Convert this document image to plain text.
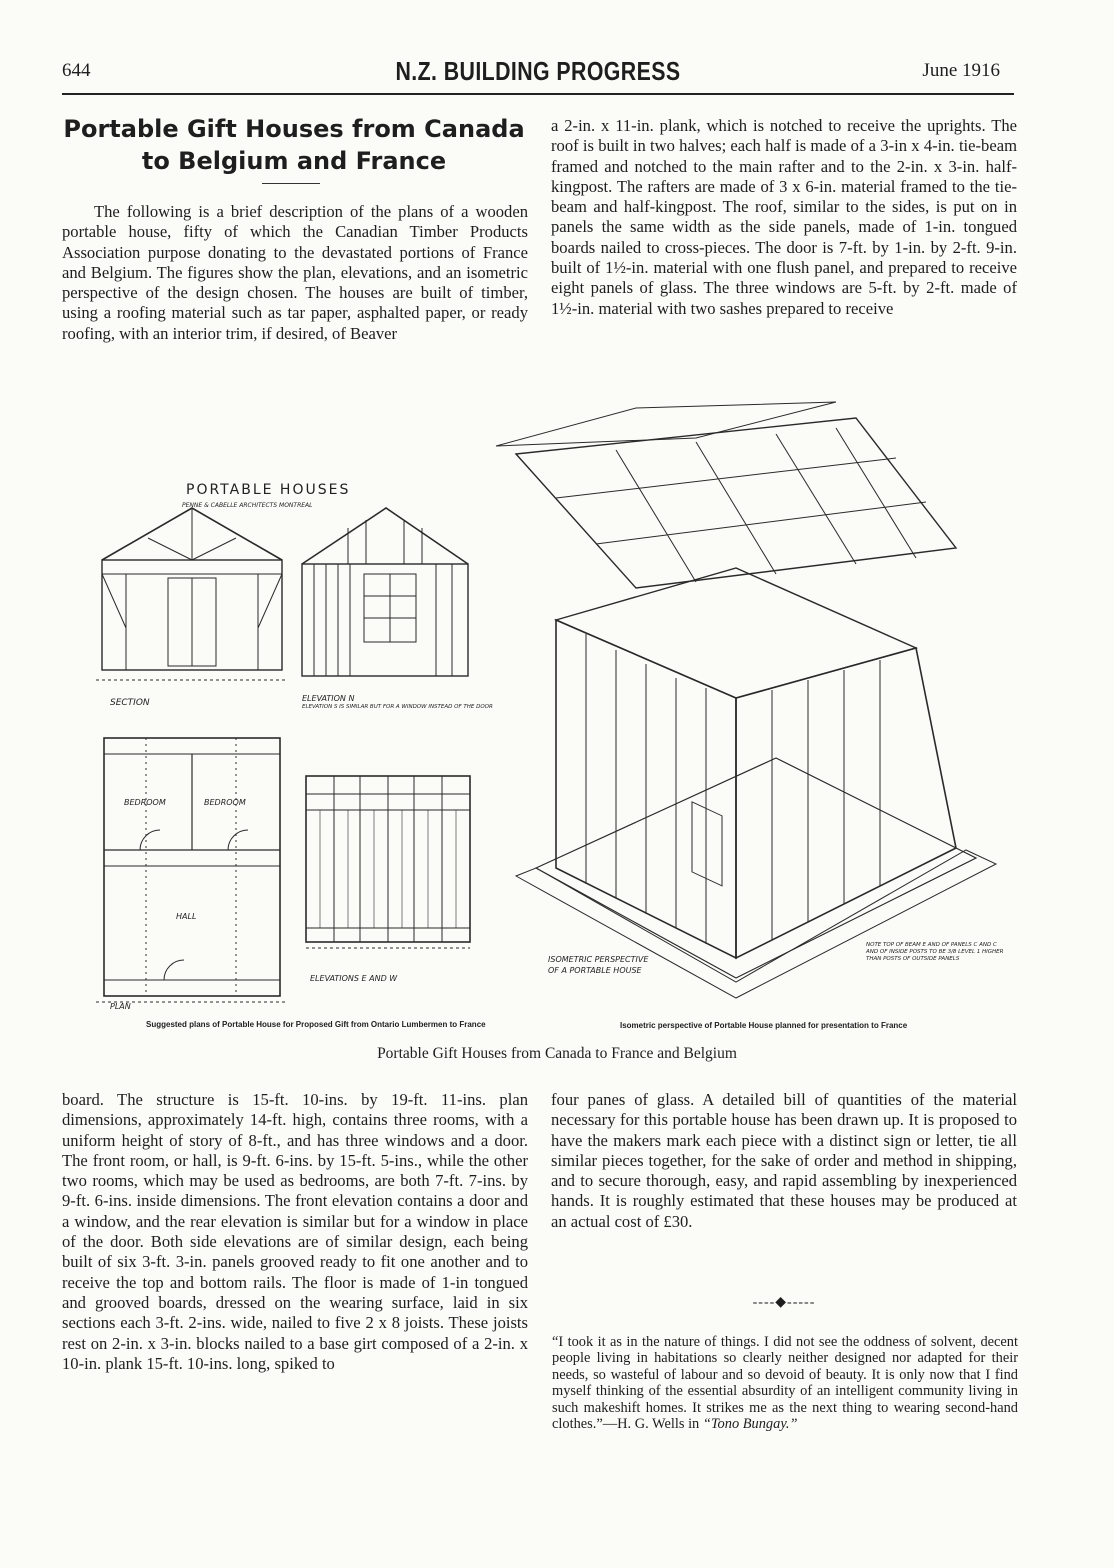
644	N.Z. BUILDING PROGRESS	June 1916
Portable Gift Houses from Canada
to Belgium and France

The following is a brief description of the plans of a wooden portable house, fifty of which the Canadian Timber Products Association purpose donating to the devastated portions of France and Belgium. The figures show the plan, elevations, and an isometric perspective of the design chosen. The houses are built of timber, using a roofing material such as tar paper, asphalted paper, or ready roofing, with an interior trim, if desired, of Beaver

a 2-in. x 11-in. plank, which is notched to receive the uprights. The roof is built in two halves; each half is made of a 3-in x 4-in. tie-beam framed and notched to the main rafter and to the 2-in. x 3-in. half-kingpost. The rafters are made of 3 x 6-in. material framed to the tie-beam and half-kingpost. The roof, similar to the sides, is put on in panels the same width as the side panels, made of 1-in. tongued boards nailed to cross-pieces. The door is 7-ft. by 1-in. by 2-ft. 9-in. built of 1½-in. material with one flush panel, and prepared to receive eight panels of glass. The three windows are 5-ft. by 2-ft. made of 1½-in. material with two sashes prepared to receive

PORTABLE HOUSES
PENNE & CABELLE ARCHITECTS MONTREAL
SECTION	ELEVATION N
ELEVATION S IS SIMILAR BUT FOR A WINDOW INSTEAD OF THE DOOR
BEDROOM	BEDROOM
HALL
PLAN
ELEVATIONS E AND W
ISOMETRIC PERSPECTIVE OF A PORTABLE HOUSE
NOTE TOP OF BEAM E AND OF PANELS C AND C AND OF INSIDE POSTS TO BE 3/8 LEVEL 1 HIGHER THAN POSTS OF OUTSIDE PANELS
Suggested plans of Portable House for Proposed Gift from Ontario Lumbermen to France	Isometric perspective of Portable House planned for presentation to France
Portable Gift Houses from Canada to France and Belgium

board. The structure is 15-ft. 10-ins. by 19-ft. 11-ins. plan dimensions, approximately 14-ft. high, contains three rooms, with a uniform height of story of 8-ft., and has three windows and a door. The front room, or hall, is 9-ft. 6-ins. by 15-ft. 5-ins., while the other two rooms, which may be used as bedrooms, are both 7-ft. 7-ins. by 9-ft. 6-ins. inside dimensions. The front elevation contains a door and a window, and the rear elevation is similar but for a window in place of the door. Both side elevations are of similar design, each being built of six 3-ft. 3-in. panels grooved ready to fit one another and to receive the top and bottom rails. The floor is made of 1-in tongued and grooved boards, dressed on the wearing surface, laid in six sections each 3-ft. 2-ins. wide, nailed to five 2 x 8 joists. These joists rest on 2-in. x 3-in. blocks nailed to a base girt composed of a 2-in. x 10-in. plank 15-ft. 10-ins. long, spiked to

four panes of glass. A detailed bill of quantities of the material necessary for this portable house has been drawn up. It is proposed to have the makers mark each piece with a distinct sign or letter, tie all similar pieces together, for the sake of order and method in shipping, and to secure thorough, easy, and rapid assembling by inexperienced hands. It is roughly estimated that these houses may be produced at an actual cost of £30.

----◆-----
“I took it as in the nature of things. I did not see the oddness of solvent, decent people living in habitations so clearly neither designed nor adapted for their needs, so wasteful of labour and so devoid of beauty. It is only now that I find myself thinking of the essential absurdity of an intelligent community living in such makeshift homes. It strikes me as the next thing to wearing second-hand clothes.”—H. G. Wells in “Tono Bungay.”
